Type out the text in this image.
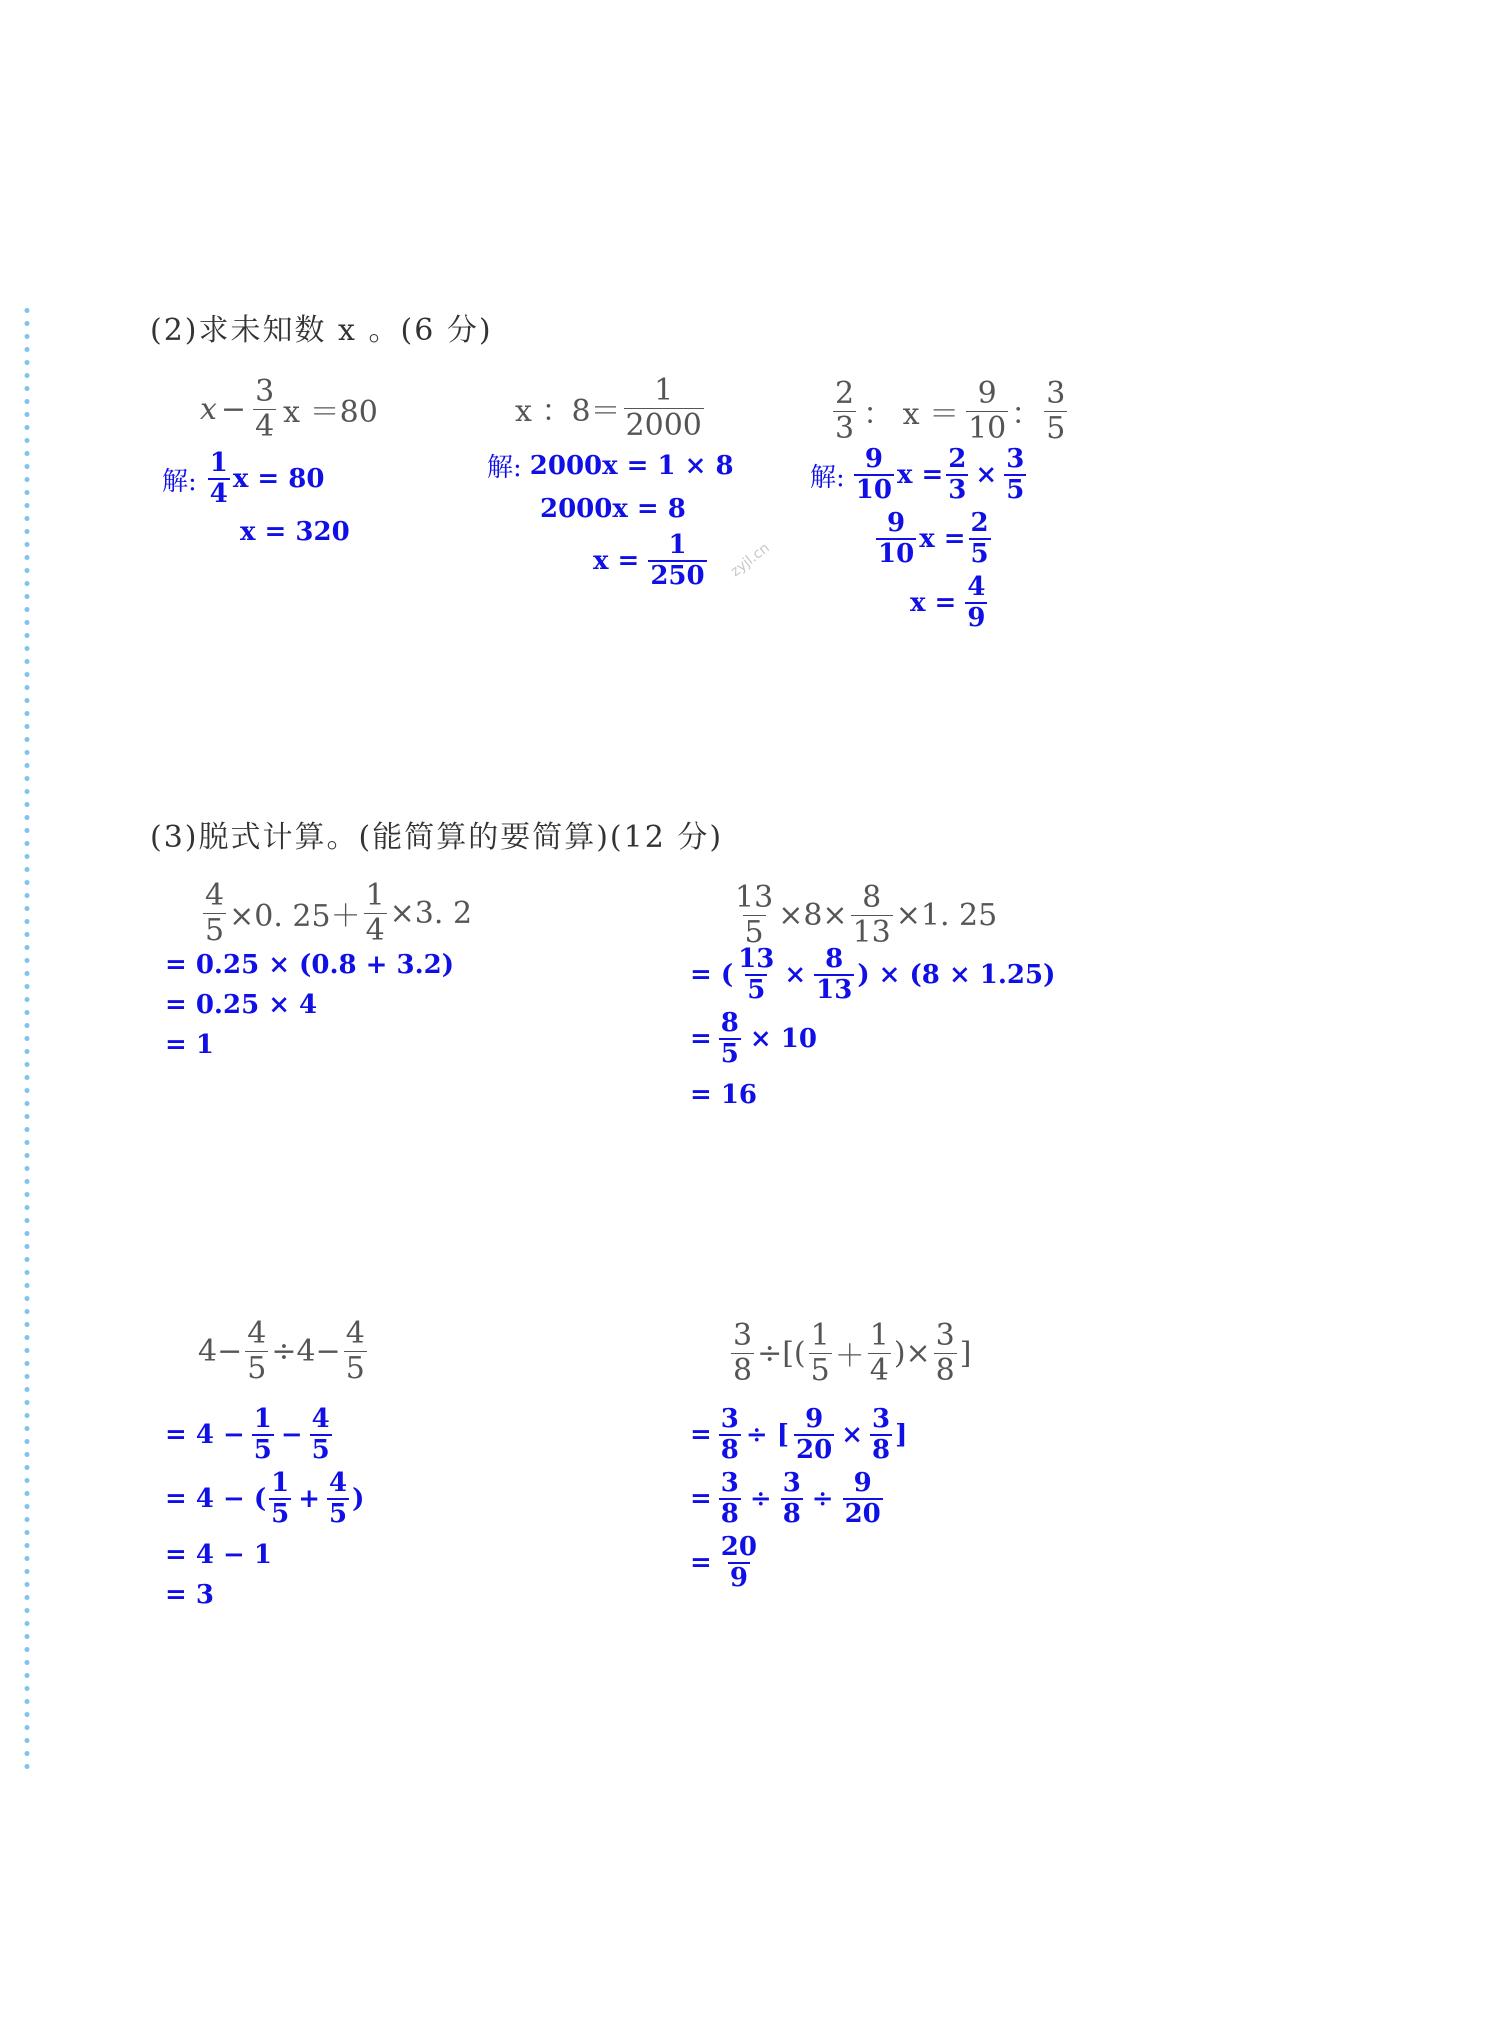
(2)求未知数 x 。(6 分)
$x - \frac{3}{4}$ x ＝80
解: $\frac{1}{4}$ x = 80
x = 320
x ：$8= \frac{1}{2000}$
解: 2000x = 1 × 8
2000x = 8
$x = \frac{1}{250}$
$\frac{2}{3}$ ： $x = \frac{9}{10}$ ： $\frac{3}{5}$
解: $\frac{9}{10}$ $x = \frac{2}{3} \times \frac{3}{5}$
$\frac{9}{10}$ $x = \frac{2}{5}$
$x = \frac{4}{9}$
zyjl.cn
(3)脱式计算。(能简算的要简算)(12 分)
$\frac{4}{5} \times 0$. $25+ \frac{1}{4} \times 3$. 2
= 0.25 × (0.8 + 3.2)
= 0.25 × 4
= 1
$\frac{13}{5} \times 8\times \frac{8}{13} \times 1$. 25
= ( $\frac{13}{5} \times \frac{8}{13}$ ) × (8 × 1.25)
= $\frac{8}{5} \times 10$
= 16
$4- \frac{4}{5} \div 4- \frac{4}{5}$
= $4 - \frac{1}{5} - \frac{4}{5}$
= 4 − ( $\frac{1}{5} + \frac{4}{5}$ )
= 4 − 1
= 3
$\frac{3}{8}$ ÷[( $\frac{1}{5} + \frac{1}{4}$ )× $\frac{3}{8}$ ]
= $\frac{3}{8}$ ÷ [ $\frac{9}{20} \times \frac{3}{8}$ ]
= $\frac{3}{8} \div \frac{3}{8} \div \frac{9}{20}$
= $\frac{20}{9}$
